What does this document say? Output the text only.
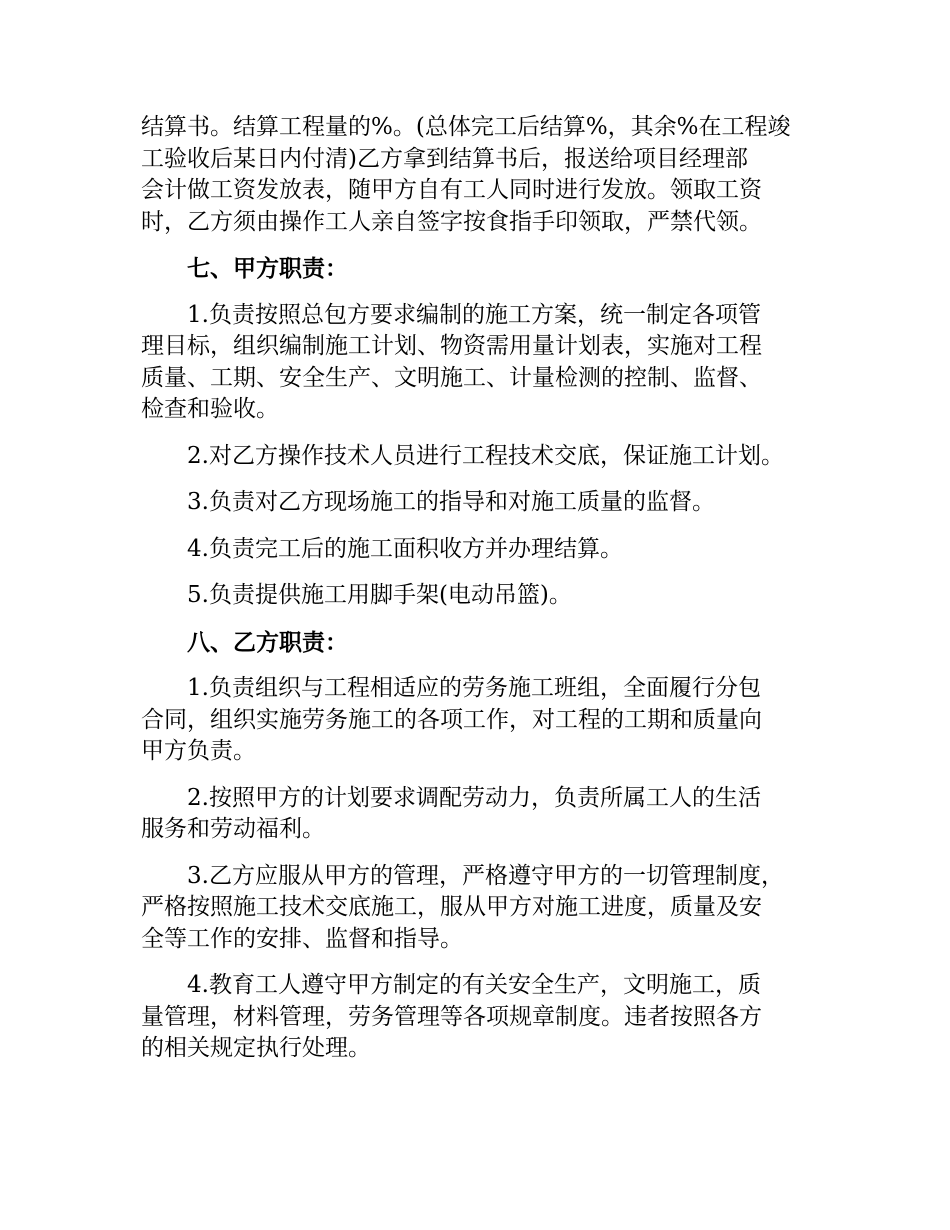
结算书。结算工程量的%。(总体完工后结算%，其余%在工程竣
工验收后某日内付清)乙方拿到结算书后，报送给项目经理部
会计做工资发放表，随甲方自有工人同时进行发放。领取工资
时，乙方须由操作工人亲自签字按食指手印领取，严禁代领。

七、甲方职责：

1.负责按照总包方要求编制的施工方案，统一制定各项管
理目标，组织编制施工计划、物资需用量计划表，实施对工程
质量、工期、安全生产、文明施工、计量检测的控制、监督、
检查和验收。

2.对乙方操作技术人员进行工程技术交底，保证施工计划。

3.负责对乙方现场施工的指导和对施工质量的监督。

4.负责完工后的施工面积收方并办理结算。

5.负责提供施工用脚手架(电动吊篮)。

八、乙方职责：

1.负责组织与工程相适应的劳务施工班组，全面履行分包
合同，组织实施劳务施工的各项工作，对工程的工期和质量向
甲方负责。

2.按照甲方的计划要求调配劳动力，负责所属工人的生活
服务和劳动福利。

3.乙方应服从甲方的管理，严格遵守甲方的一切管理制度，
严格按照施工技术交底施工，服从甲方对施工进度，质量及安
全等工作的安排、监督和指导。

4.教育工人遵守甲方制定的有关安全生产，文明施工，质
量管理，材料管理，劳务管理等各项规章制度。违者按照各方
的相关规定执行处理。
